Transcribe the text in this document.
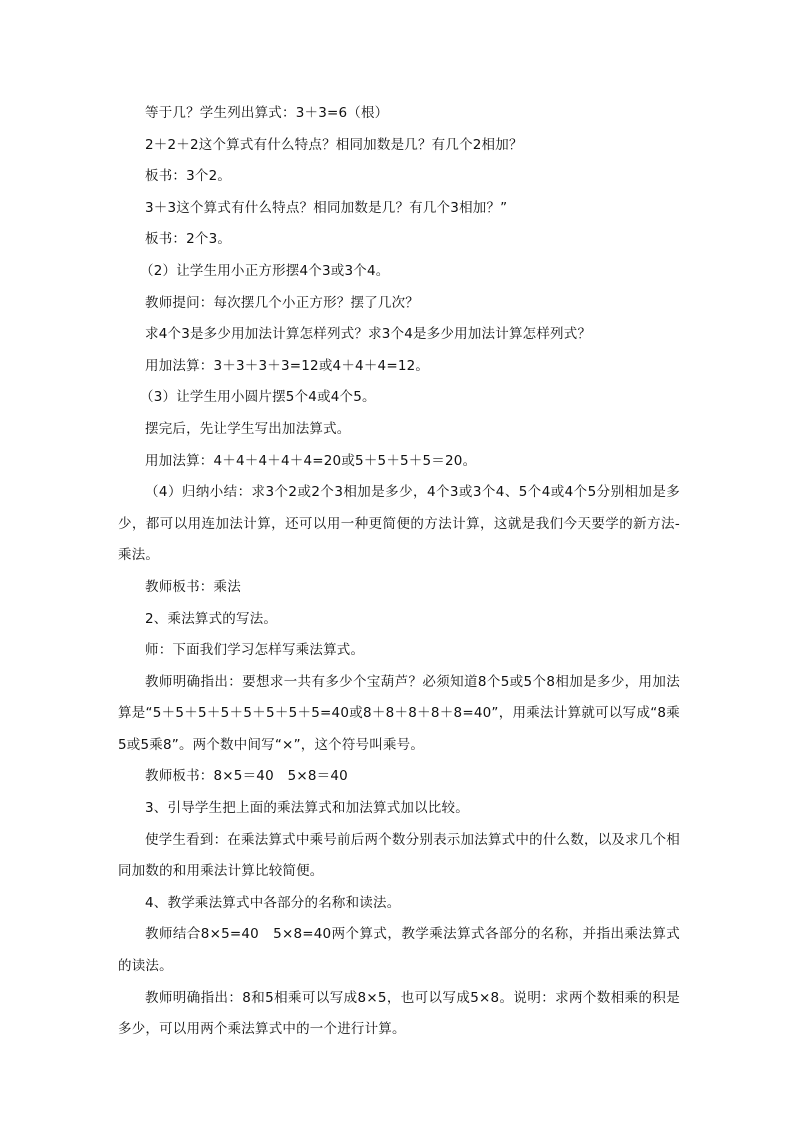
等于几？学生列出算式：3＋3=6（根）

2＋2＋2这个算式有什么特点？相同加数是几？有几个2相加？

板书：3个2。

3＋3这个算式有什么特点？相同加数是几？有几个3相加？”

板书：2个3。

（2）让学生用小正方形摆4个3或3个4。

教师提问：每次摆几个小正方形？摆了几次？

求4个3是多少用加法计算怎样列式？求3个4是多少用加法计算怎样列式？

用加法算：3＋3＋3＋3=12或4＋4＋4=12。

（3）让学生用小圆片摆5个4或4个5。

摆完后，先让学生写出加法算式。

用加法算：4＋4＋4＋4＋4=20或5＋5＋5＋5＝20。

（4）归纳小结：求3个2或2个3相加是多少，4个3或3个4、5个4或4个5分别相加是多少，都可以用连加法计算，还可以用一种更简便的方法计算，这就是我们今天要学的新方法-乘法。

教师板书：乘法

2、乘法算式的写法。

师：下面我们学习怎样写乘法算式。

教师明确指出：要想求一共有多少个宝葫芦？必须知道8个5或5个8相加是多少，用加法算是“5＋5＋5＋5＋5＋5＋5＋5=40或8＋8＋8＋8＋8=40”，用乘法计算就可以写成“8乘5或5乘8”。两个数中间写“×”，这个符号叫乘号。

教师板书：8×5＝40　5×8＝40

3、引导学生把上面的乘法算式和加法算式加以比较。

使学生看到：在乘法算式中乘号前后两个数分别表示加法算式中的什么数，以及求几个相同加数的和用乘法计算比较简便。

4、教学乘法算式中各部分的名称和读法。

教师结合8×5=40　5×8=40两个算式，教学乘法算式各部分的名称，并指出乘法算式的读法。

教师明确指出：8和5相乘可以写成8×5，也可以写成5×8。说明：求两个数相乘的积是多少，可以用两个乘法算式中的一个进行计算。
